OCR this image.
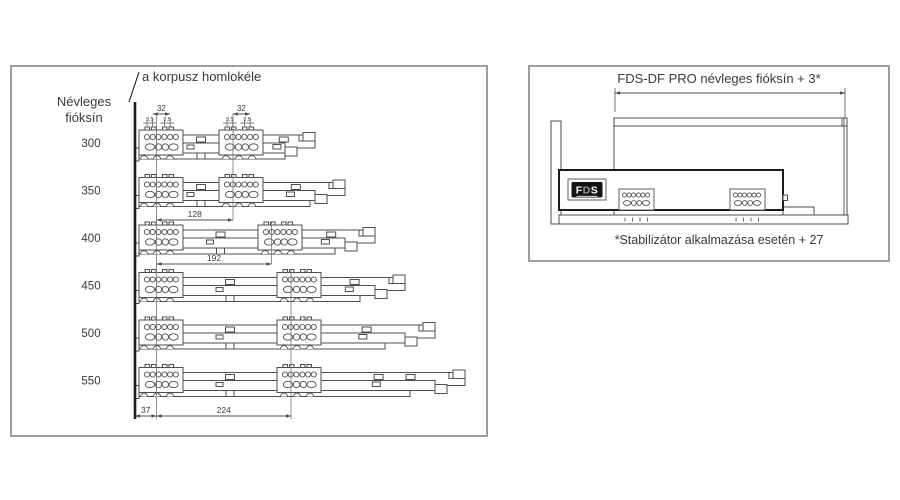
a korpusz homlokéle
Névleges fióksín
300
350
400
450
500
550
32
9,5 9,5
32
9,5 9,5
128
192
37	224
FDS-DF PRO névleges fióksín + 3*
FDS
*Stabilizátor alkalmazása esetén + 27
